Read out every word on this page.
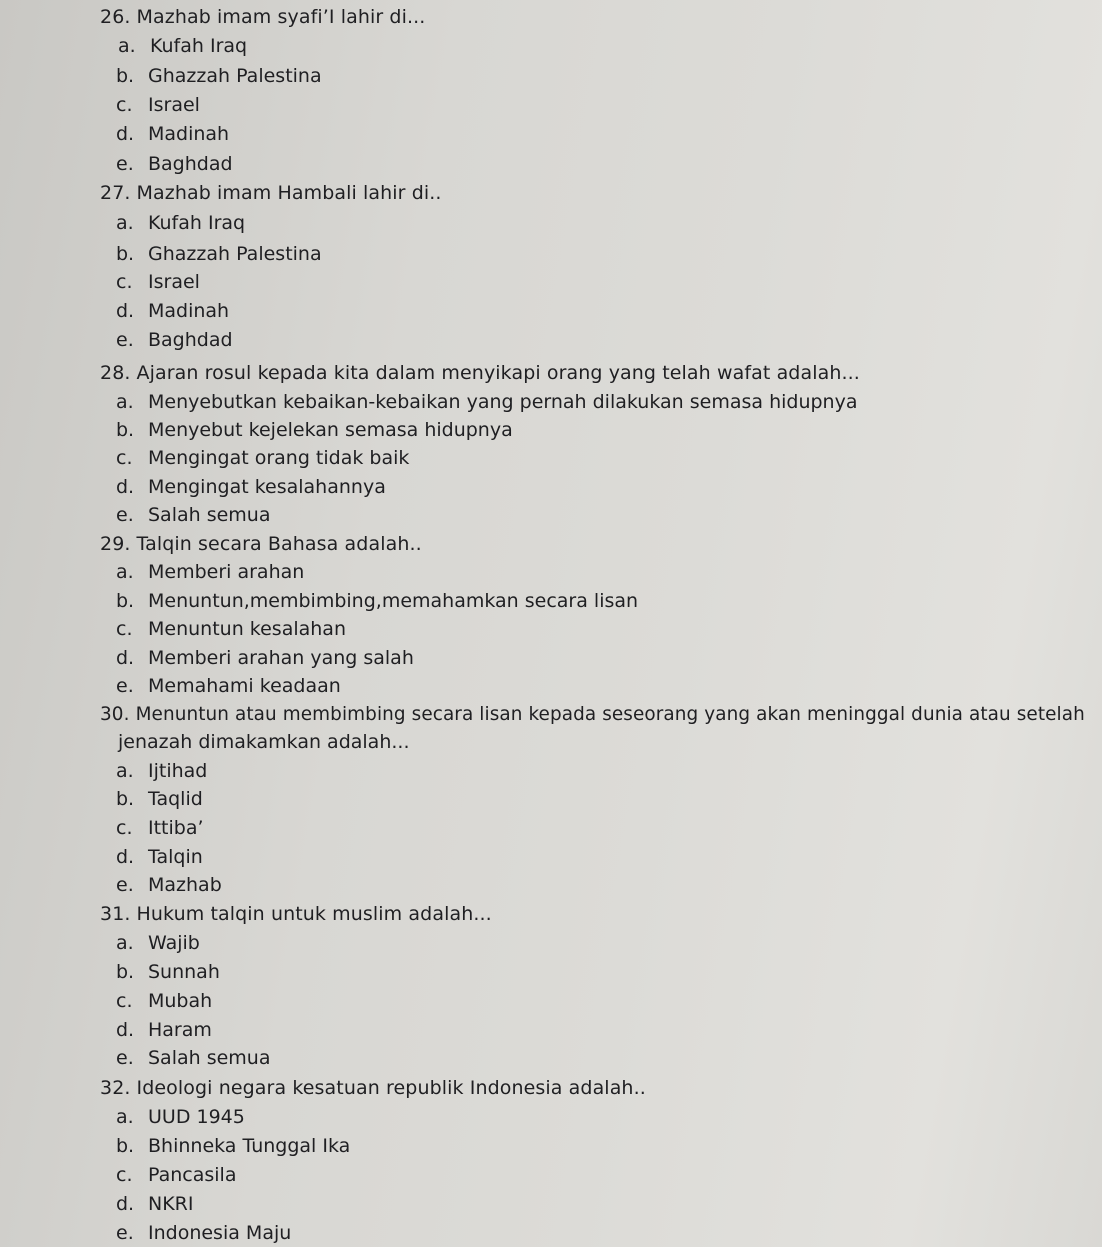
26. Mazhab imam syafi’I lahir di...
a. Kufah Iraq
b. Ghazzah Palestina
c. Israel
d. Madinah
e. Baghdad
27. Mazhab imam Hambali lahir di..
a. Kufah Iraq
b. Ghazzah Palestina
c. Israel
d. Madinah
e. Baghdad
28. Ajaran rosul kepada kita dalam menyikapi orang yang telah wafat adalah...
a. Menyebutkan kebaikan-kebaikan yang pernah dilakukan semasa hidupnya
b. Menyebut kejelekan semasa hidupnya
c. Mengingat orang tidak baik
d. Mengingat kesalahannya
e. Salah semua
29. Talqin secara Bahasa adalah..
a. Memberi arahan
b. Menuntun,membimbing,memahamkan secara lisan
c. Menuntun kesalahan
d. Memberi arahan yang salah
e. Memahami keadaan
30. Menuntun atau membimbing secara lisan kepada seseorang yang akan meninggal dunia atau setelah
jenazah dimakamkan adalah...
a. Ijtihad
b. Taqlid
c. Ittiba’
d. Talqin
e. Mazhab
31. Hukum talqin untuk muslim adalah...
a. Wajib
b. Sunnah
c. Mubah
d. Haram
e. Salah semua
32. Ideologi negara kesatuan republik Indonesia adalah..
a. UUD 1945
b. Bhinneka Tunggal Ika
c. Pancasila
d. NKRI
e. Indonesia Maju
